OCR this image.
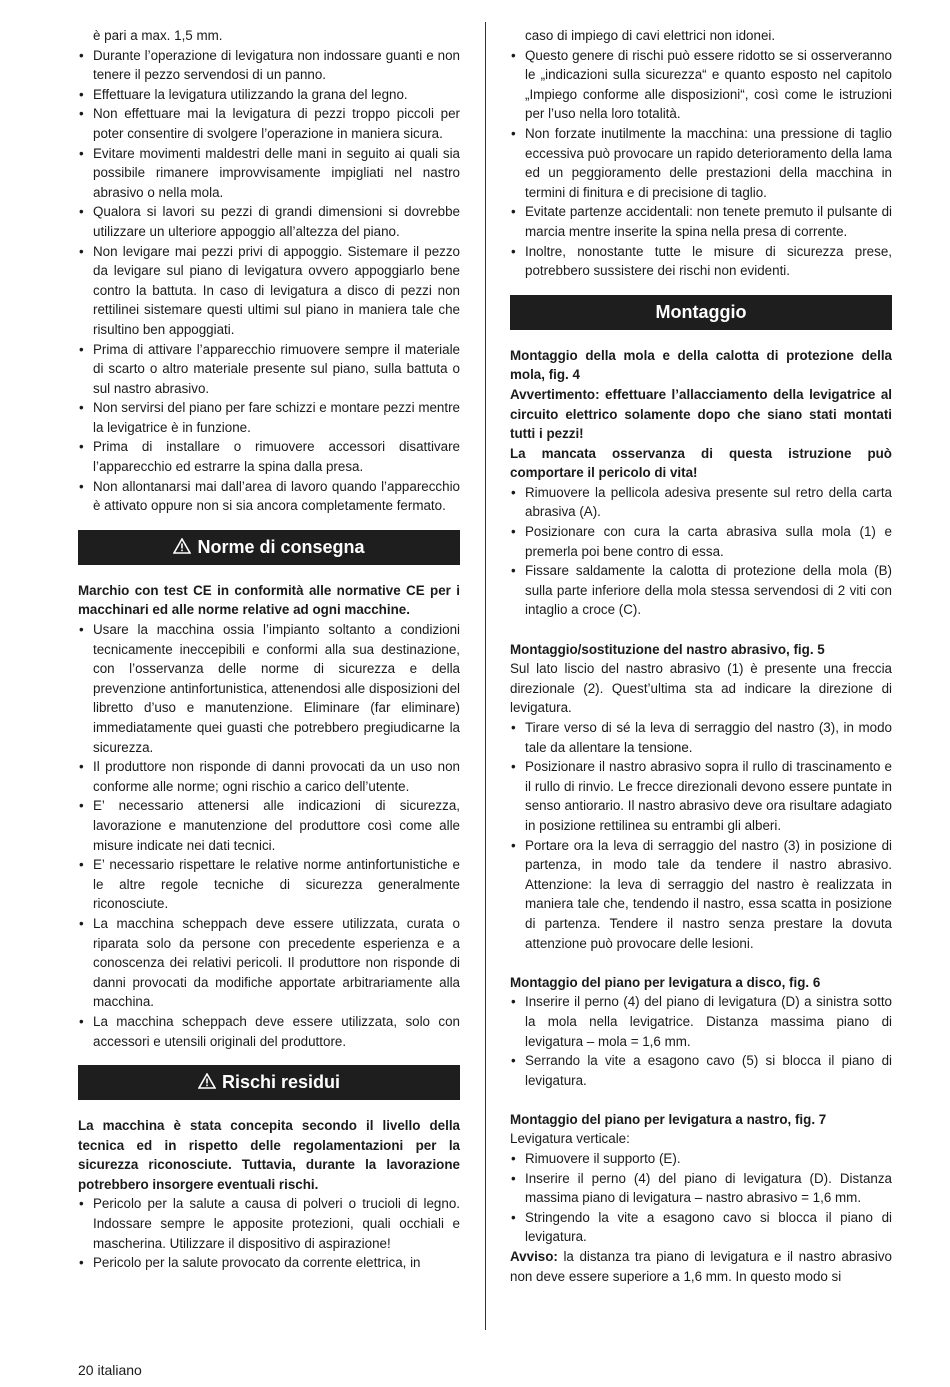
è pari a max. 1,5 mm.
• Durante l’operazione di levigatura non indossare guanti e non tenere il pezzo servendosi di un panno.
• Effettuare la levigatura utilizzando la grana del legno.
• Non effettuare mai la levigatura di pezzi troppo piccoli per poter consentire di svolgere l’operazione in maniera sicura.
• Evitare movimenti maldestri delle mani in seguito ai quali sia possibile rimanere improvvisamente impigliati nel nastro abrasivo o nella mola.
• Qualora si lavori su pezzi di grandi dimensioni si dovrebbe utilizzare un ulteriore appoggio all’altezza del piano.
• Non levigare mai pezzi privi di appoggio. Sistemare il pezzo da levigare sul piano di levigatura ovvero appoggiarlo bene contro la battuta. In caso di levigatura a disco di pezzi non rettilinei sistemare questi ultimi sul piano in maniera tale che risultino ben appoggiati.
• Prima di attivare l’apparecchio rimuovere sempre il materiale di scarto o altro materiale presente sul piano, sulla battuta o sul nastro abrasivo.
• Non servirsi del piano per fare schizzi e montare pezzi mentre la levigatrice è in funzione.
• Prima di installare o rimuovere accessori disattivare l’apparecchio ed estrarre la spina dalla presa.
• Non allontanarsi mai dall’area di lavoro quando l’apparecchio è attivato oppure non si sia ancora completamente fermato.
Norme di consegna

Marchio con test CE in conformità alle normative CE per i macchinari ed alle norme relative ad ogni macchine.

• Usare la macchina ossia l’impianto soltanto a condizioni tecnicamente ineccepibili e conformi alla sua destinazione, con l’osservanza delle norme di sicurezza e della prevenzione antinfortunistica, attenendosi alle disposizioni del libretto d’uso e manutenzione. Eliminare (far eliminare) immediatamente quei guasti che potrebbero pregiudicarne la sicurezza.
• Il produttore non risponde di danni provocati da un uso non conforme alle norme; ogni rischio a carico dell’utente.
• E’ necessario attenersi alle indicazioni di sicurezza, lavorazione e manutenzione del produttore così come alle misure indicate nei dati tecnici.
• E’ necessario rispettare le relative norme antinfortunistiche e le altre regole tecniche di sicurezza generalmente riconosciute.
• La macchina scheppach deve essere utilizzata, curata o riparata solo da persone con precedente esperienza e a conoscenza dei relativi pericoli. Il produttore non risponde di danni provocati da modifiche apportate arbitrariamente alla macchina.
• La macchina scheppach deve essere utilizzata, solo con accessori e utensili originali del produttore.
Rischi residui

La macchina è stata concepita secondo il livello della tecnica ed in rispetto delle regolamentazioni per la sicurezza riconosciute. Tuttavia, durante la lavorazione potrebbero insorgere eventuali rischi.

• Pericolo per la salute a causa di polveri o trucioli di legno. Indossare sempre le apposite protezioni, quali occhiali e mascherina. Utilizzare il dispositivo di aspirazione!
• Pericolo per la salute provocato da corrente elettrica, in
caso di impiego di cavi elettrici non idonei.
• Questo genere di rischi può essere ridotto se si osserveranno le „indicazioni sulla sicurezza“ e quanto esposto nel capitolo „Impiego conforme alle disposizioni“, così come le istruzioni per l’uso nella loro totalità.
• Non forzate inutilmente la macchina: una pressione di taglio eccessiva può provocare un rapido deterioramento della lama ed un peggioramento delle prestazioni della macchina in termini di finitura e di precisione di taglio.
• Evitate partenze accidentali: non tenete premuto il pulsante di marcia mentre inserite la spina nella presa di corrente.
• Inoltre, nonostante tutte le misure di sicurezza prese, potrebbero sussistere dei rischi non evidenti.
Montaggio

Montaggio della mola e della calotta di protezione della mola, fig. 4

Avvertimento: effettuare l’allacciamento della levigatrice al circuito elettrico solamente dopo che siano stati montati tutti i pezzi!

La mancata osservanza di questa istruzione può comportare il pericolo di vita!

• Rimuovere la pellicola adesiva presente sul retro della carta abrasiva (A).
• Posizionare con cura la carta abrasiva sulla mola (1) e premerla poi bene contro di essa.
• Fissare saldamente la calotta di protezione della mola (B) sulla parte inferiore della mola stessa servendosi di 2 viti con intaglio a croce (C).

Montaggio/sostituzione del nastro abrasivo, fig. 5

Sul lato liscio del nastro abrasivo (1) è presente una freccia direzionale (2). Quest’ultima sta ad indicare la direzione di levigatura.

• Tirare verso di sé la leva di serraggio del nastro (3), in modo tale da allentare la tensione.
• Posizionare il nastro abrasivo sopra il rullo di trascinamento e il rullo di rinvio. Le frecce direzionali devono essere puntate in senso antiorario. Il nastro abrasivo deve ora risultare adagiato in posizione rettilinea su entrambi gli alberi.
• Portare ora la leva di serraggio del nastro (3) in posizione di partenza, in modo tale da tendere il nastro abrasivo. Attenzione: la leva di serraggio del nastro è realizzata in maniera tale che, tendendo il nastro, essa scatta in posizione di partenza. Tendere il nastro senza prestare la dovuta attenzione può provocare delle lesioni.

Montaggio del piano per levigatura a disco, fig. 6

• Inserire il perno (4) del piano di levigatura (D) a sinistra sotto la mola nella levigatrice. Distanza massima piano di levigatura – mola = 1,6 mm.
• Serrando la vite a esagono cavo (5) si blocca il piano di levigatura.

Montaggio del piano per levigatura a nastro, fig. 7

Levigatura verticale:

• Rimuovere il supporto (E).
• Inserire il perno (4) del piano di levigatura (D). Distanza massima piano di levigatura – nastro abrasivo = 1,6 mm.
• Stringendo la vite a esagono cavo si blocca il piano di levigatura.

Avviso: la distanza tra piano di levigatura e il nastro abrasivo non deve essere superiore a 1,6 mm. In questo modo si

20 italiano
